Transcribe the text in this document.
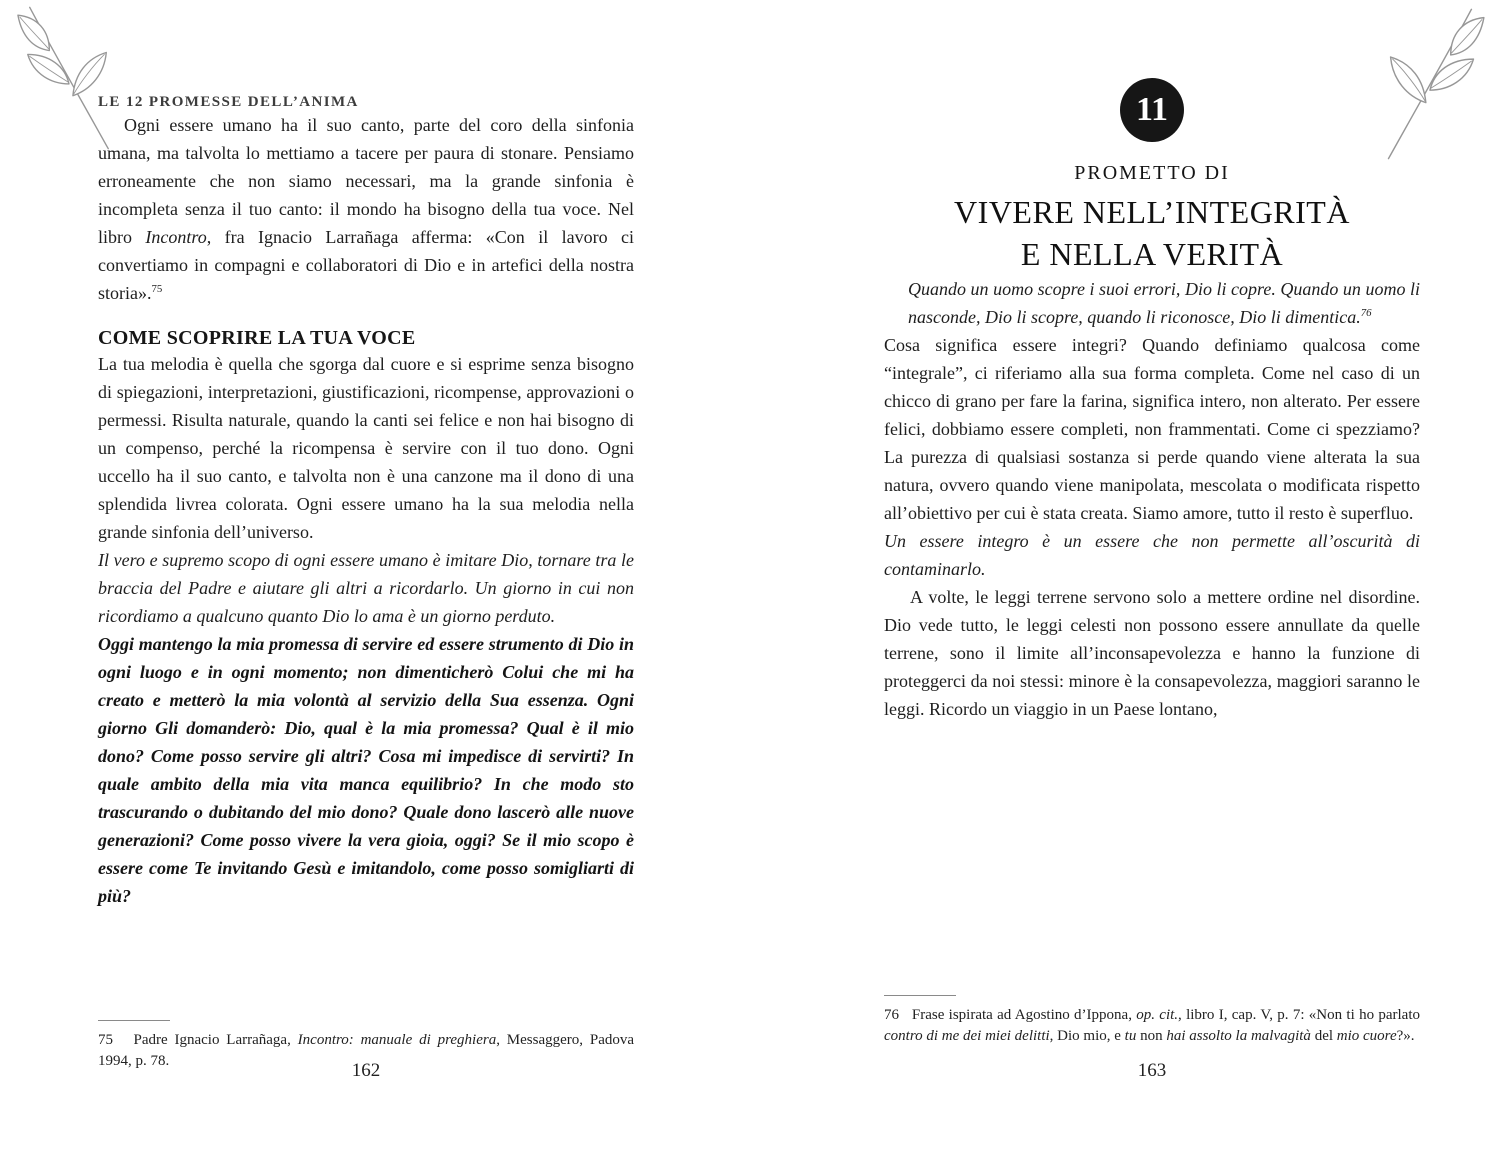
LE 12 PROMESSE DELL’ANIMA

Ogni essere umano ha il suo canto, parte del coro della sinfonia umana, ma talvolta lo mettiamo a tacere per paura di stonare. Pensiamo erroneamente che non siamo necessari, ma la grande sinfonia è incompleta senza il tuo canto: il mondo ha bisogno della tua voce. Nel libro Incontro, fra Ignacio Larrañaga afferma: «Con il lavoro ci convertiamo in compagni e collaboratori di Dio e in artefici della nostra storia».$^{75}$

COME SCOPRIRE LA TUA VOCE

La tua melodia è quella che sgorga dal cuore e si esprime senza bisogno di spiegazioni, interpretazioni, giustificazioni, ricompense, approvazioni o permessi. Risulta naturale, quando la canti sei felice e non hai bisogno di un compenso, perché la ricompensa è servire con il tuo dono. Ogni uccello ha il suo canto, e talvolta non è una canzone ma il dono di una splendida livrea colorata. Ogni essere umano ha la sua melodia nella grande sinfonia dell’universo.

Il vero e supremo scopo di ogni essere umano è imitare Dio, tornare tra le braccia del Padre e aiutare gli altri a ricordarlo. Un giorno in cui non ricordiamo a qualcuno quanto Dio lo ama è un giorno perduto.

Oggi mantengo la mia promessa di servire ed essere strumento di Dio in ogni luogo e in ogni momento; non dimenticherò Colui che mi ha creato e metterò la mia volontà al servizio della Sua essenza. Ogni giorno Gli domanderò: Dio, qual è la mia promessa? Qual è il mio dono? Come posso servire gli altri? Cosa mi impedisce di servirti? In quale ambito della mia vita manca equilibrio? In che modo sto trascurando o dubitando del mio dono? Quale dono lascerò alle nuove generazioni? Come posso vivere la vera gioia, oggi? Se il mio scopo è essere come Te invitando Gesù e imitandolo, come posso somigliarti di più?

75   Padre Ignacio Larrañaga, Incontro: manuale di preghiera, Messaggero, Padova 1994, p. 78.	162
11
PROMETTO DI
VIVERE NELL’INTEGRITÀ
E NELLA VERITÀ

Quando un uomo scopre i suoi errori, Dio li copre. Quando un uomo li nasconde, Dio li scopre, quando li riconosce, Dio li dimentica.$^{76}$

Cosa significa essere integri? Quando definiamo qualcosa come “integrale”, ci riferiamo alla sua forma completa. Come nel caso di un chicco di grano per fare la farina, significa intero, non alterato. Per essere felici, dobbiamo essere completi, non frammentati. Come ci spezziamo? La purezza di qualsiasi sostanza si perde quando viene alterata la sua natura, ovvero quando viene manipolata, mescolata o modificata rispetto all’obiettivo per cui è stata creata. Siamo amore, tutto il resto è superfluo.

Un essere integro è un essere che non permette all’oscurità di contaminarlo.

A volte, le leggi terrene servono solo a mettere ordine nel disordine. Dio vede tutto, le leggi celesti non possono essere annullate da quelle terrene, sono il limite all’inconsapevolezza e hanno la funzione di proteggerci da noi stessi: minore è la consapevolezza, maggiori saranno le leggi. Ricordo un viaggio in un Paese lontano,

76   Frase ispirata ad Agostino d’Ippona, op. cit., libro I, cap. V, p. 7: «Non ti ho parlato contro di me dei miei delitti, Dio mio, e tu non hai assolto la malvagità del mio cuore?».
163
